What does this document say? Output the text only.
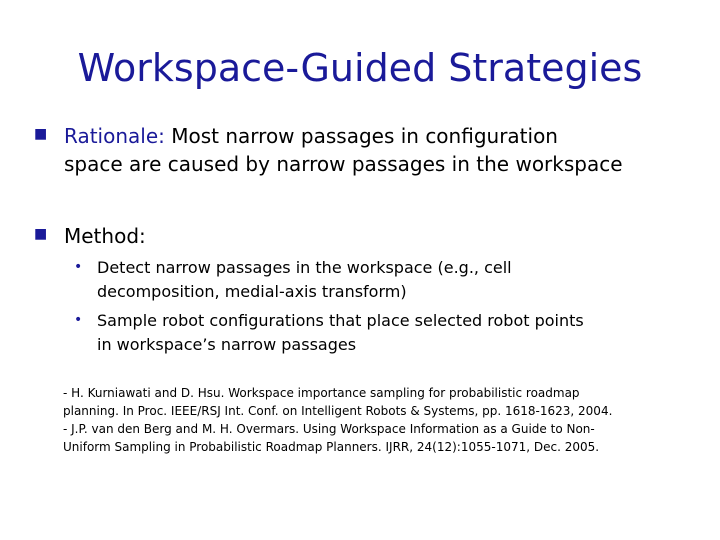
Workspace-Guided Strategies
■ Rationale: Most narrow passages in configuration
space are caused by narrow passages in the workspace
■ Method:
• Detect narrow passages in the workspace (e.g., cell
decomposition, medial-axis transform)
• Sample robot configurations that place selected robot points
in workspace’s narrow passages
- H. Kurniawati and D. Hsu. Workspace importance sampling for probabilistic roadmap
planning. In Proc. IEEE/RSJ Int. Conf. on Intelligent Robots & Systems, pp. 1618-1623, 2004.
- J.P. van den Berg and M. H. Overmars. Using Workspace Information as a Guide to Non-
Uniform Sampling in Probabilistic Roadmap Planners. IJRR, 24(12):1055-1071, Dec. 2005.
